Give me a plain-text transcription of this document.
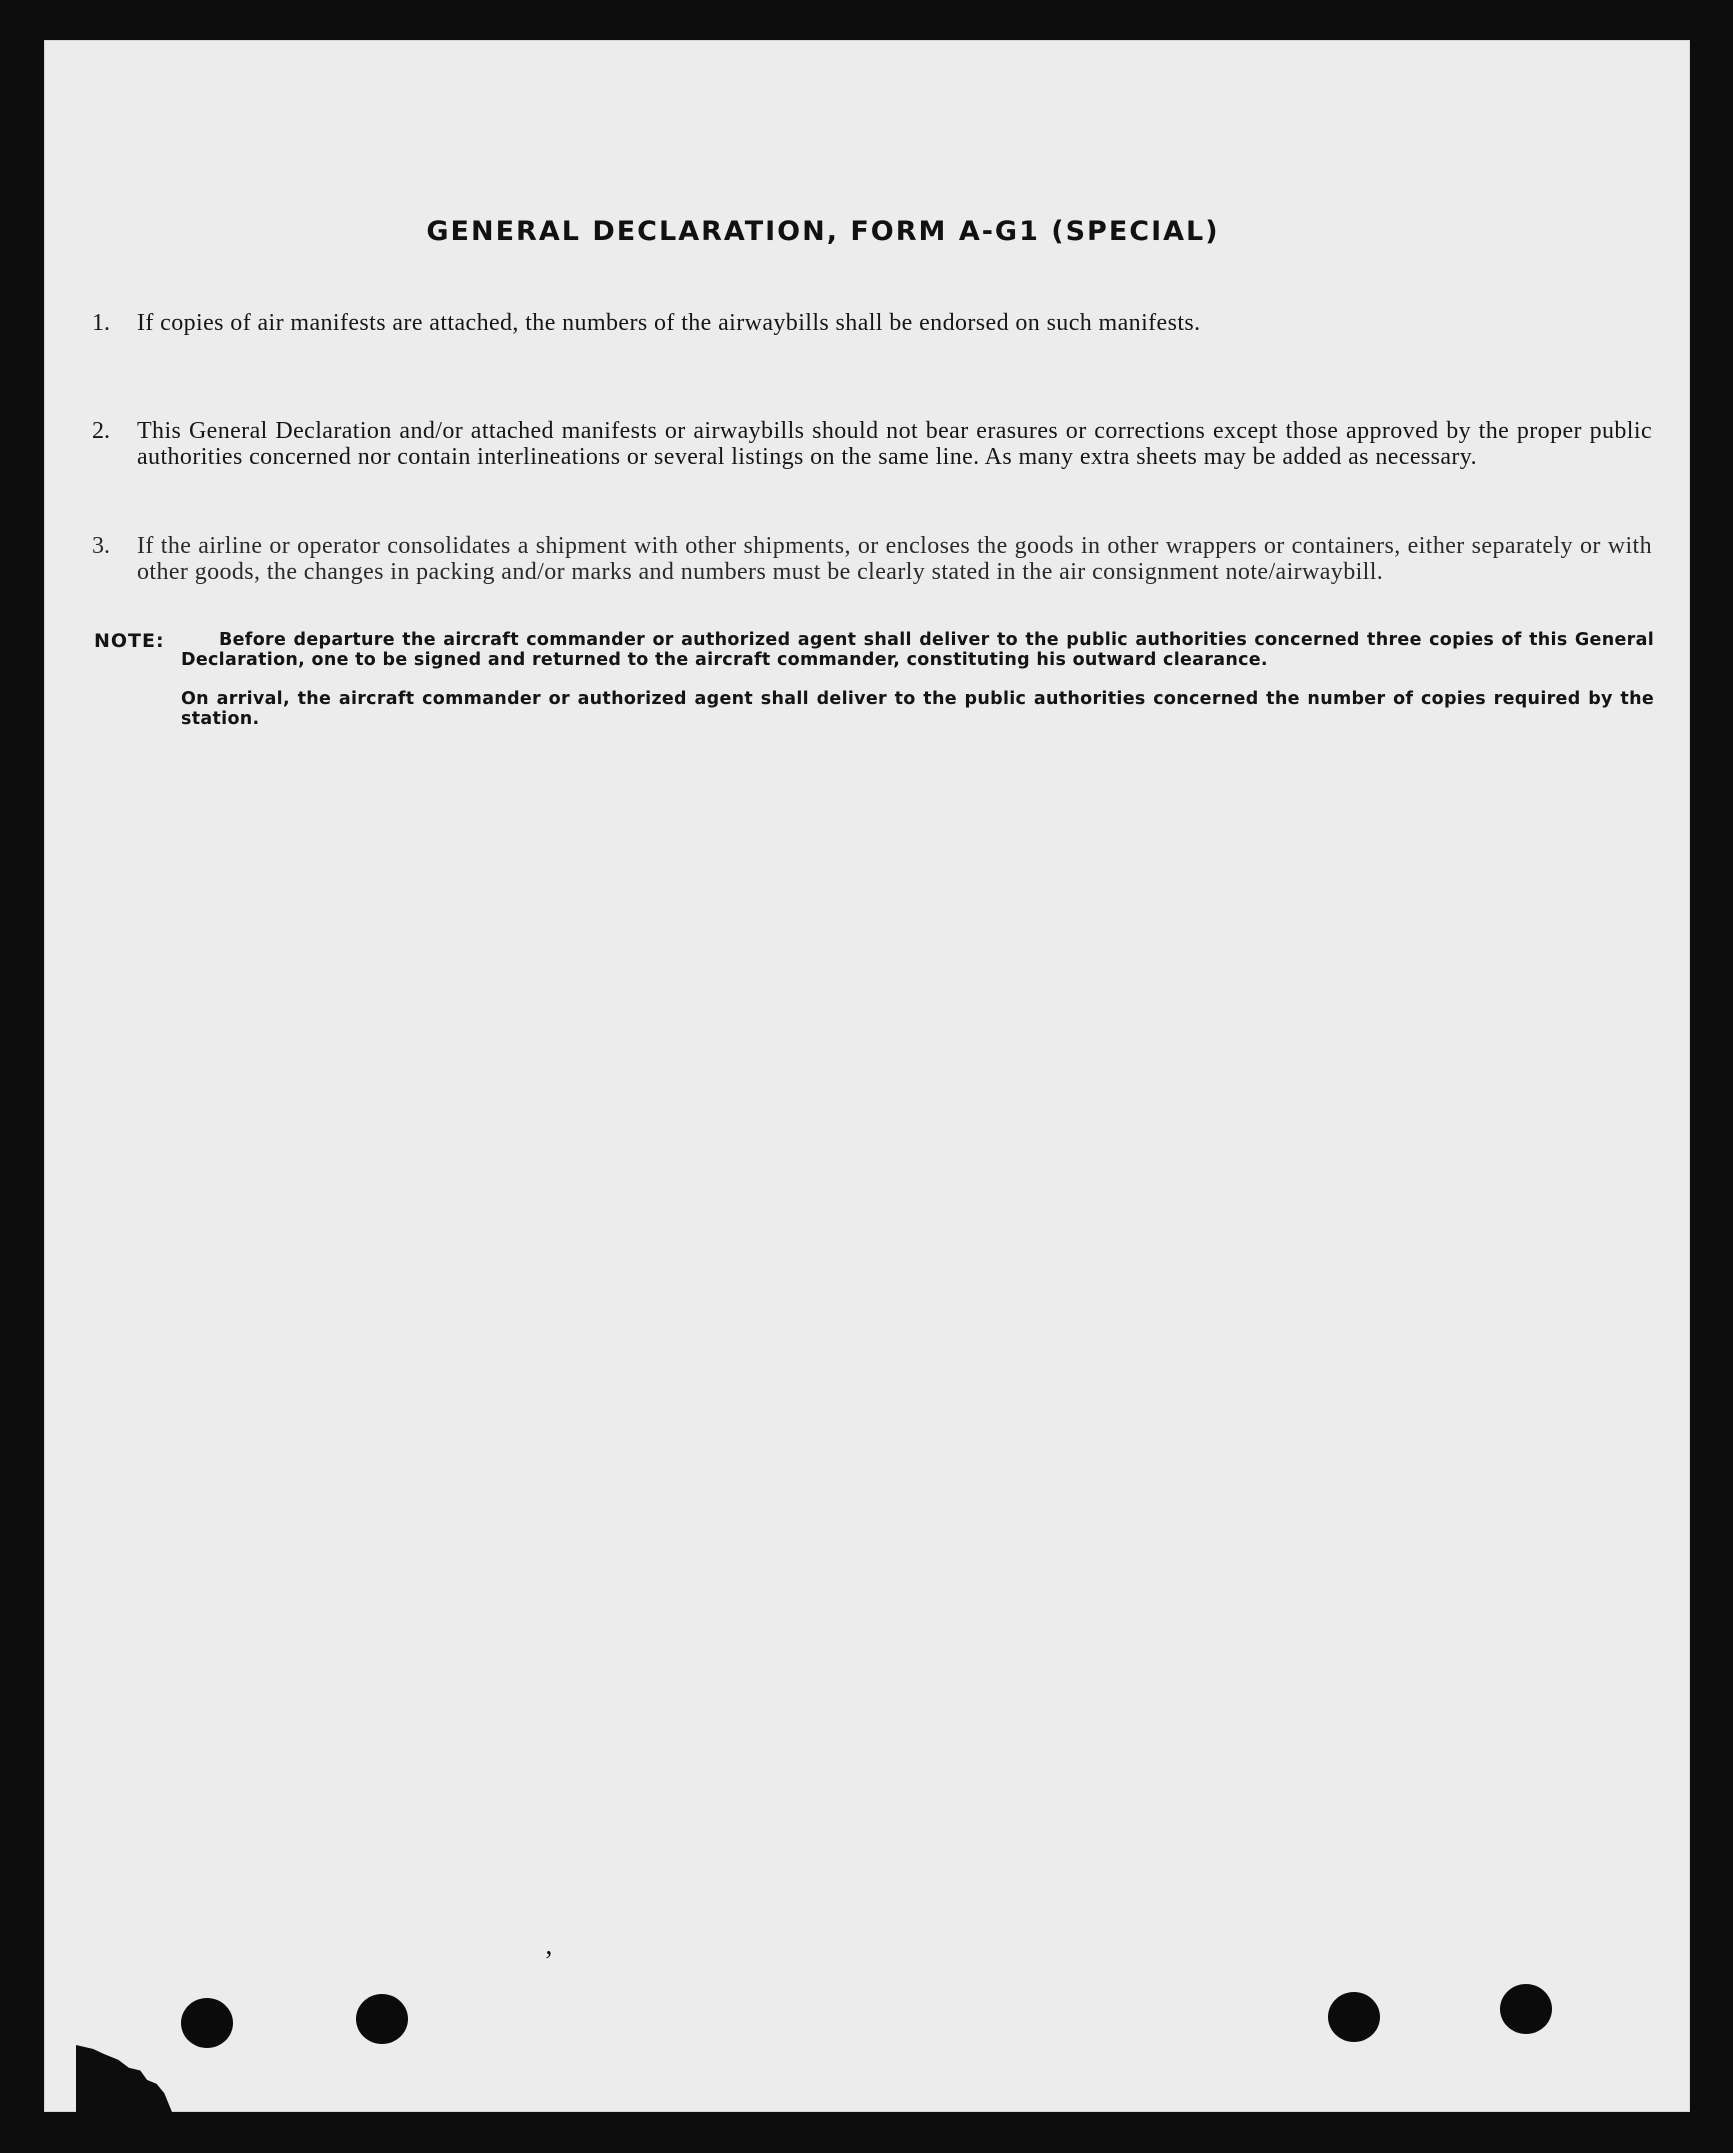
GENERAL DECLARATION, FORM A-G1 (SPECIAL)
1.	If copies of air manifests are attached, the numbers of the airwaybills shall be endorsed on such manifests.
2.	This General Declaration and/or attached manifests or airwaybills should not bear erasures or corrections except those approved by the proper public authorities concerned nor contain interlineations or several listings on the same line. As many extra sheets may be added as necessary.
3.	If the airline or operator consolidates a shipment with other shipments, or encloses the goods in other wrappers or containers, either separately or with other goods, the changes in packing and/or marks and numbers must be clearly stated in the air consignment note/airwaybill.
NOTE:	Before departure the aircraft commander or authorized agent shall deliver to the public authorities concerned three copies of this General Declaration, one to be signed and returned to the aircraft commander, constituting his outward clearance.
On arrival, the aircraft commander or authorized agent shall deliver to the public authorities concerned the number of copies required by the station.
’
